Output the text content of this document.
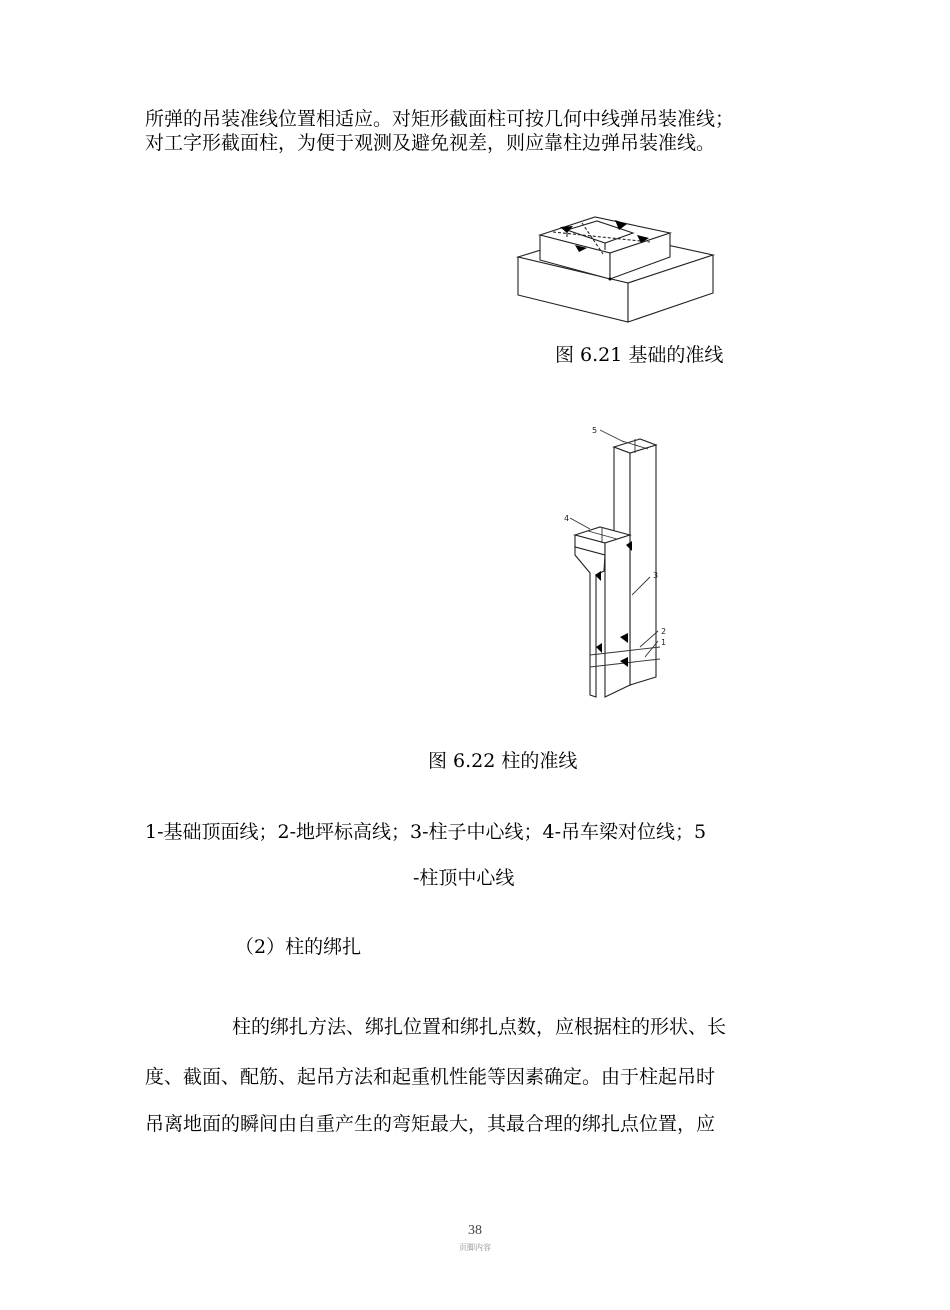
所弹的吊装准线位置相适应。对矩形截面柱可按几何中线弹吊装准线；
对工字形截面柱，为便于观测及避免视差，则应靠柱边弹吊装准线。
图 6.21 基础的准线
5
4
3
2
1
图 6.22 柱的准线
1-基础顶面线；2-地坪标高线；3-柱子中心线；4-吊车梁对位线；5
-柱顶中心线
（2）柱的绑扎
柱的绑扎方法、绑扎位置和绑扎点数，应根据柱的形状、长
度、截面、配筋、起吊方法和起重机性能等因素确定。由于柱起吊时
吊离地面的瞬间由自重产生的弯矩最大，其最合理的绑扎点位置，应
38
页脚内容
